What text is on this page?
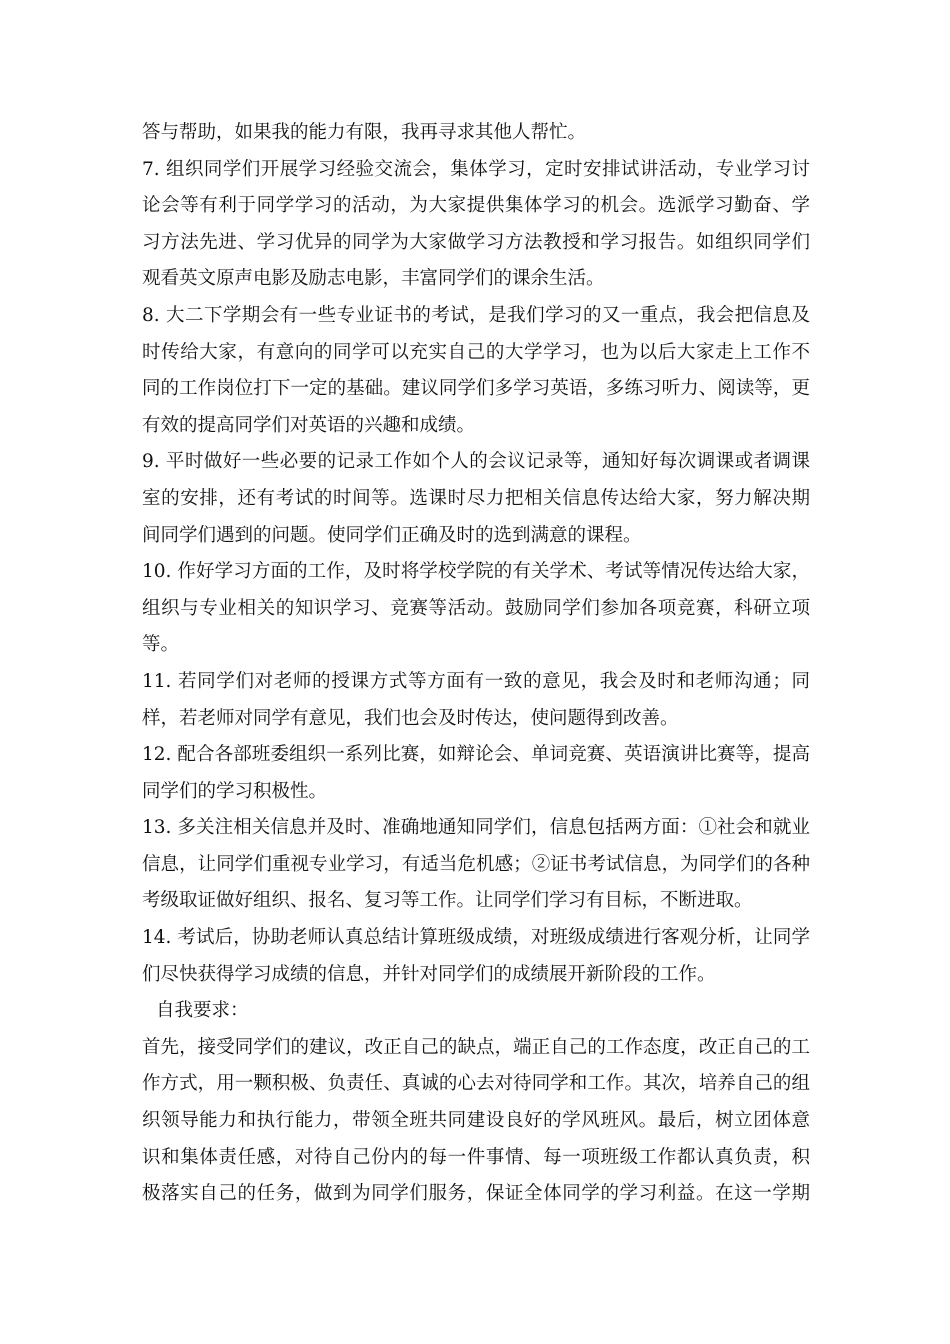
答与帮助，如果我的能力有限，我再寻求其他人帮忙。
7. 组织同学们开展学习经验交流会，集体学习，定时安排试讲活动，专业学习讨
论会等有利于同学学习的活动，为大家提供集体学习的机会。选派学习勤奋、学
习方法先进、学习优异的同学为大家做学习方法教授和学习报告。如组织同学们
观看英文原声电影及励志电影，丰富同学们的课余生活。
8. 大二下学期会有一些专业证书的考试，是我们学习的又一重点，我会把信息及
时传给大家，有意向的同学可以充实自己的大学学习，也为以后大家走上工作不
同的工作岗位打下一定的基础。建议同学们多学习英语，多练习听力、阅读等，更
有效的提高同学们对英语的兴趣和成绩。
9. 平时做好一些必要的记录工作如个人的会议记录等，通知好每次调课或者调课
室的安排，还有考试的时间等。选课时尽力把相关信息传达给大家，努力解决期
间同学们遇到的问题。使同学们正确及时的选到满意的课程。
10. 作好学习方面的工作，及时将学校学院的有关学术、考试等情况传达给大家，
组织与专业相关的知识学习、竞赛等活动。鼓励同学们参加各项竞赛，科研立项
等。
11. 若同学们对老师的授课方式等方面有一致的意见，我会及时和老师沟通；同
样，若老师对同学有意见，我们也会及时传达，使问题得到改善。
12. 配合各部班委组织一系列比赛，如辩论会、单词竞赛、英语演讲比赛等，提高
同学们的学习积极性。
13. 多关注相关信息并及时、准确地通知同学们，信息包括两方面：①社会和就业
信息，让同学们重视专业学习，有适当危机感；②证书考试信息，为同学们的各种
考级取证做好组织、报名、复习等工作。让同学们学习有目标，不断进取。
14. 考试后，协助老师认真总结计算班级成绩，对班级成绩进行客观分析，让同学
们尽快获得学习成绩的信息，并针对同学们的成绩展开新阶段的工作。
自我要求：
首先，接受同学们的建议，改正自己的缺点，端正自己的工作态度，改正自己的工
作方式，用一颗积极、负责任、真诚的心去对待同学和工作。其次，培养自己的组
织领导能力和执行能力，带领全班共同建设良好的学风班风。最后，树立团体意
识和集体责任感，对待自己份内的每一件事情、每一项班级工作都认真负责，积
极落实自己的任务，做到为同学们服务，保证全体同学的学习利益。在这一学期
